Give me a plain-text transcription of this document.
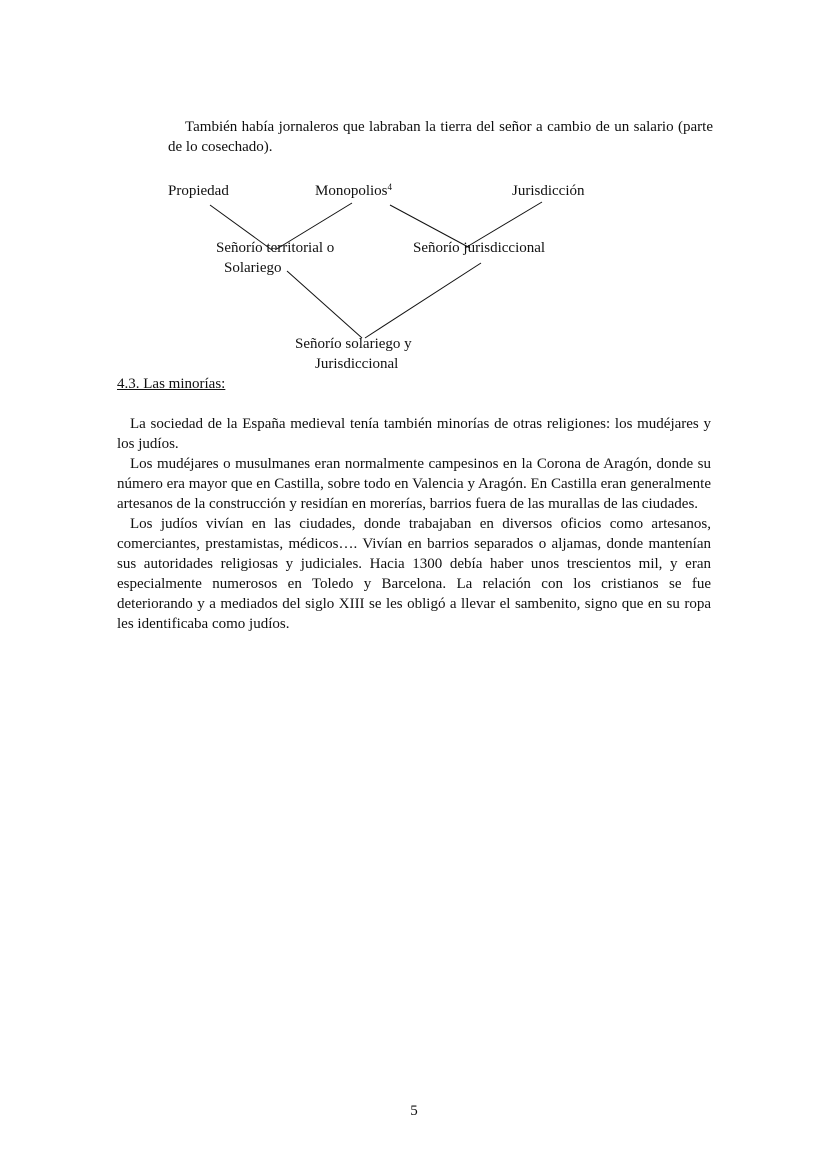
También había jornaleros que labraban la tierra del señor a cambio de un salario (parte de lo cosechado).
Propiedad	Monopolios$^4$	Jurisdicción
Señorío territorial o
Solariego
Señorío jurisdiccional
Señorío solariego y
Jurisdiccional
4.3. Las minorías:

La sociedad de la España medieval tenía también minorías de otras religiones: los mudéjares y los judíos.

Los mudéjares o musulmanes eran normalmente campesinos en la Corona de Aragón, donde su número era mayor que en Castilla, sobre todo en Valencia y Aragón. En Castilla eran generalmente artesanos de la construcción y residían en morerías, barrios fuera de las murallas de las ciudades.

Los judíos vivían en las ciudades, donde trabajaban en diversos oficios como artesanos, comerciantes, prestamistas, médicos…. Vivían en barrios separados o aljamas, donde mantenían sus autoridades religiosas y judiciales. Hacia 1300 debía haber unos trescientos mil, y eran especialmente numerosos en Toledo y Barcelona. La relación con los cristianos se fue deteriorando y a mediados del siglo XIII se les obligó a llevar el sambenito, signo que en su ropa les identificaba como judíos.

5
